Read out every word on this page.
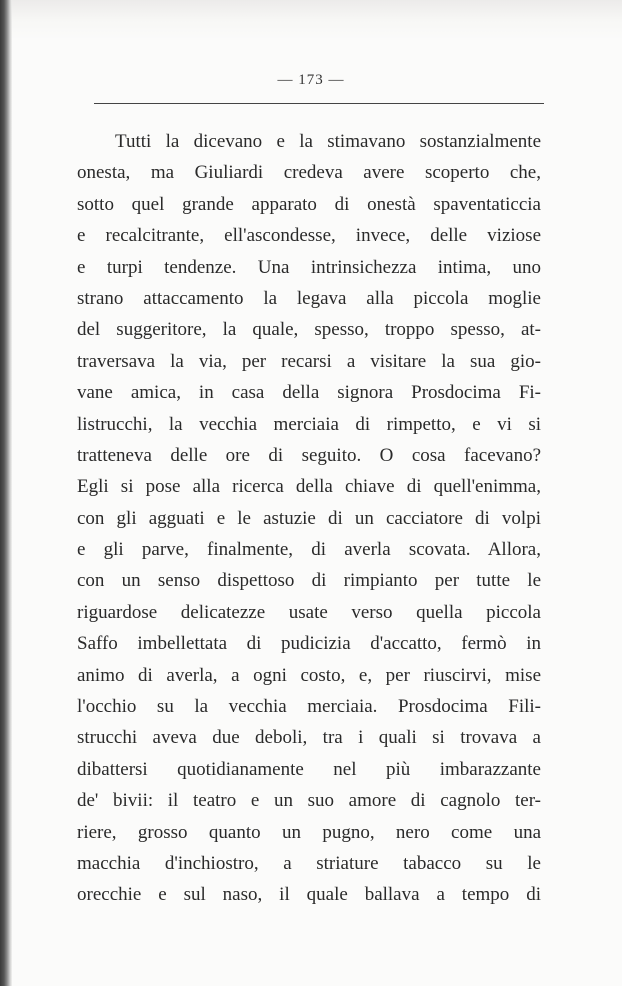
— 173 —
Tutti la dicevano e la stimavano sostanzialmente
onesta, ma Giuliardi credeva avere scoperto che,
sotto quel grande apparato di onestà spaventaticcia
e recalcitrante, ell'ascondesse, invece, delle viziose
e turpi tendenze. Una intrinsichezza intima, uno
strano attaccamento la legava alla piccola moglie
del suggeritore, la quale, spesso, troppo spesso, at-
traversava la via, per recarsi a visitare la sua gio-
vane amica, in casa della signora Prosdocima Fi-
listrucchi, la vecchia merciaia di rimpetto, e vi si
tratteneva delle ore di seguito. O cosa facevano?
Egli si pose alla ricerca della chiave di quell'enimma,
con gli agguati e le astuzie di un cacciatore di volpi
e gli parve, finalmente, di averla scovata. Allora,
con un senso dispettoso di rimpianto per tutte le
riguardose delicatezze usate verso quella piccola
Saffo imbellettata di pudicizia d'accatto, fermò in
animo di averla, a ogni costo, e, per riuscirvi, mise
l'occhio su la vecchia merciaia. Prosdocima Fili-
strucchi aveva due deboli, tra i quali si trovava a
dibattersi quotidianamente nel più imbarazzante
de' bivii: il teatro e un suo amore di cagnolo ter-
riere, grosso quanto un pugno, nero come una
macchia d'inchiostro, a striature tabacco su le
orecchie e sul naso, il quale ballava a tempo di
